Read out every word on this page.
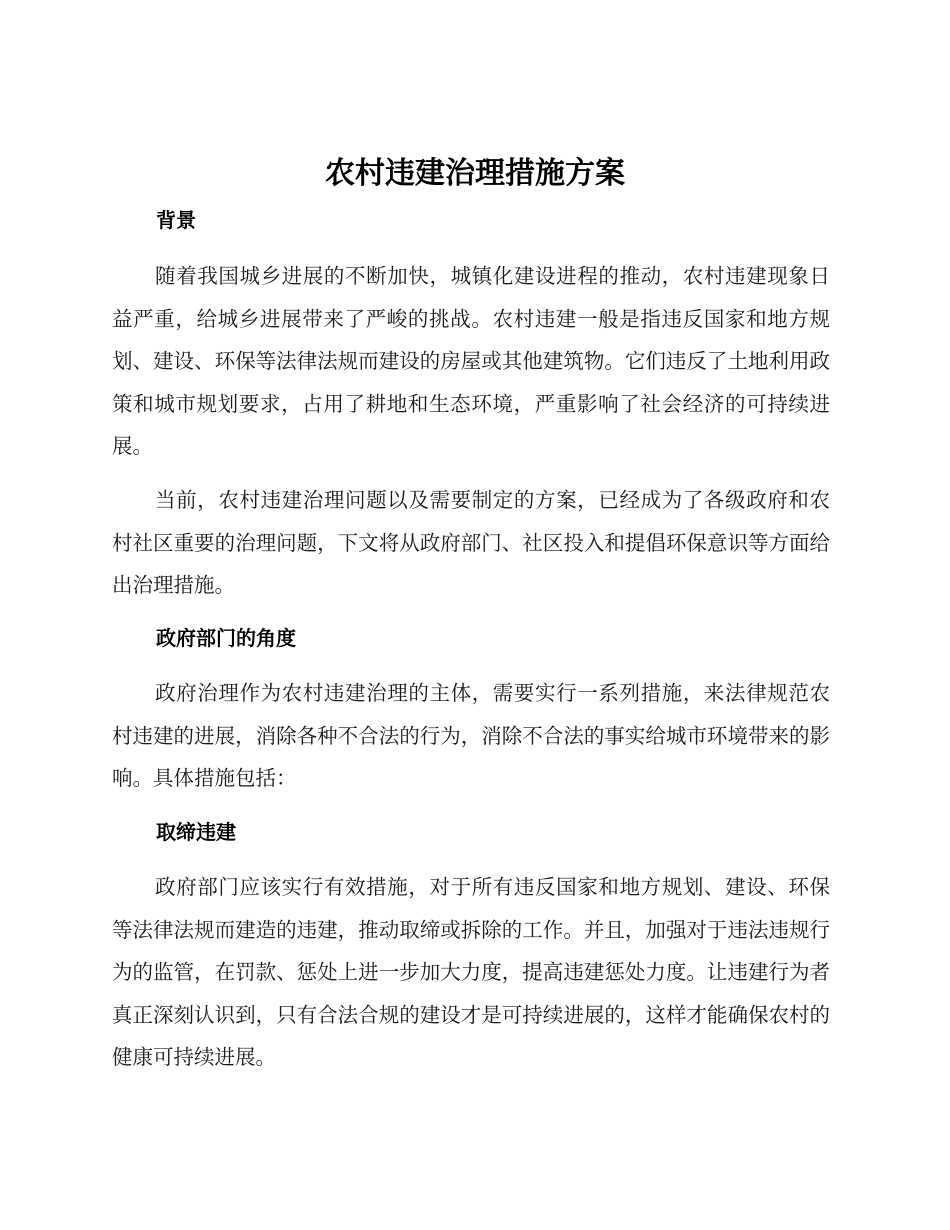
农村违建治理措施方案
背景

随着我国城乡进展的不断加快，城镇化建设进程的推动，农村违建现象日益严重，给城乡进展带来了严峻的挑战。农村违建一般是指违反国家和地方规划、建设、环保等法律法规而建设的房屋或其他建筑物。它们违反了土地利用政策和城市规划要求，占用了耕地和生态环境，严重影响了社会经济的可持续进展。

当前，农村违建治理问题以及需要制定的方案，已经成为了各级政府和农村社区重要的治理问题，下文将从政府部门、社区投入和提倡环保意识等方面给出治理措施。

政府部门的角度

政府治理作为农村违建治理的主体，需要实行一系列措施，来法律规范农村违建的进展，消除各种不合法的行为，消除不合法的事实给城市环境带来的影响。具体措施包括：

取缔违建

政府部门应该实行有效措施，对于所有违反国家和地方规划、建设、环保等法律法规而建造的违建，推动取缔或拆除的工作。并且，加强对于违法违规行为的监管，在罚款、惩处上进一步加大力度，提高违建惩处力度。让违建行为者真正深刻认识到，只有合法合规的建设才是可持续进展的，这样才能确保农村的健康可持续进展。
